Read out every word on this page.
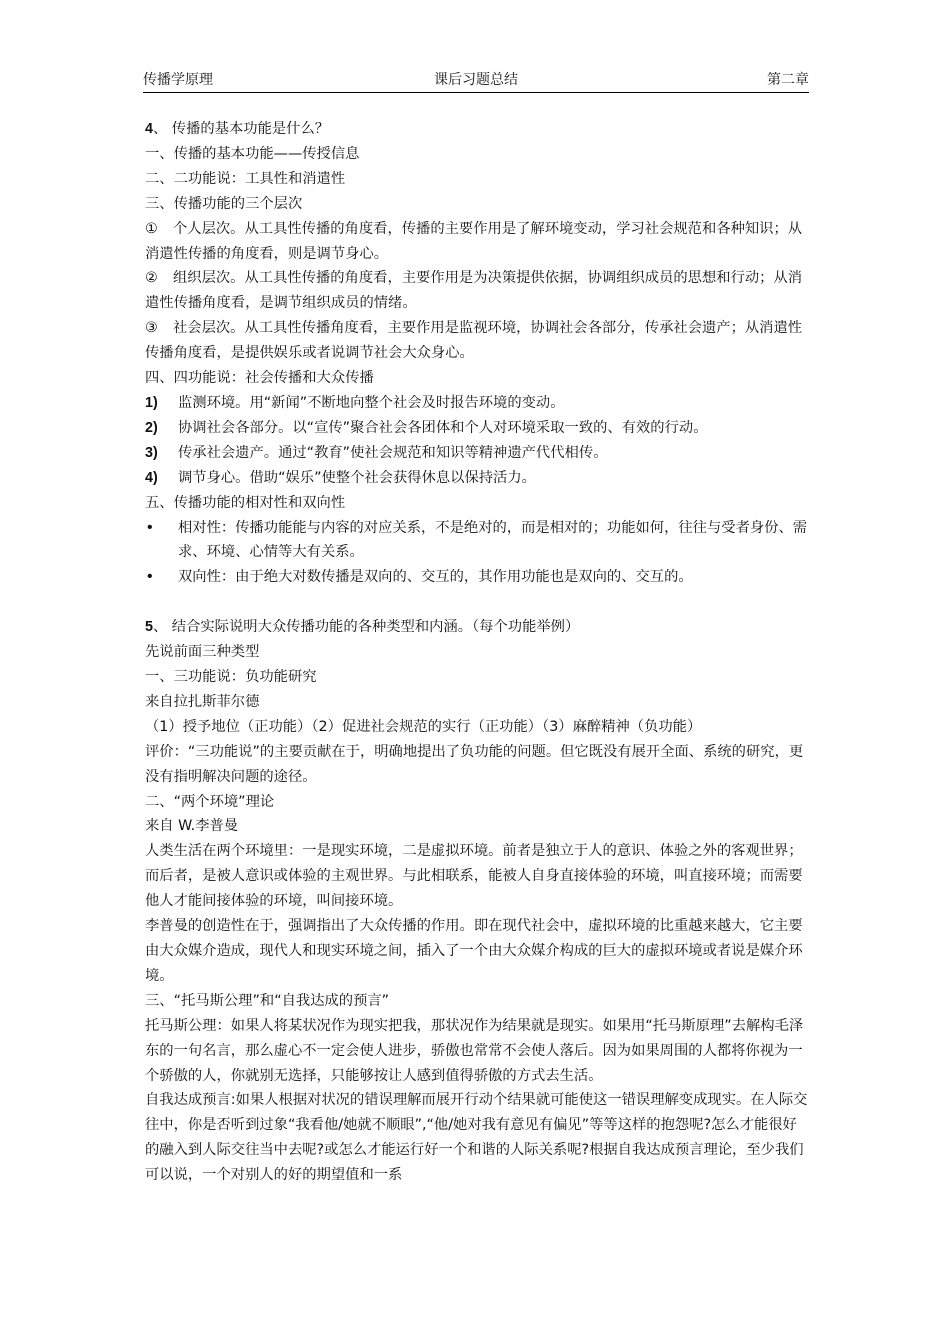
传播学原理	课后习题总结	第二章

4、 传播的基本功能是什么？

一、传播的基本功能——传授信息

二、二功能说：工具性和消遣性

三、传播功能的三个层次

① 个人层次。从工具性传播的角度看，传播的主要作用是了解环境变动，学习社会规范和各种知识；从消遣性传播的角度看，则是调节身心。

② 组织层次。从工具性传播的角度看，主要作用是为决策提供依据，协调组织成员的思想和行动；从消遣性传播角度看，是调节组织成员的情绪。

③ 社会层次。从工具性传播角度看，主要作用是监视环境，协调社会各部分，传承社会遗产；从消遣性传播角度看，是提供娱乐或者说调节社会大众身心。

四、四功能说：社会传播和大众传播

1)	监测环境。用“新闻”不断地向整个社会及时报告环境的变动。
2)	协调社会各部分。以“宣传”聚合社会各团体和个人对环境采取一致的、有效的行动。
3)	传承社会遗产。通过“教育”使社会规范和知识等精神遗产代代相传。
4)	调节身心。借助“娱乐”使整个社会获得休息以保持活力。

五、传播功能的相对性和双向性

•	相对性：传播功能能与内容的对应关系，不是绝对的，而是相对的；功能如何，往往与受者身份、需求、环境、心情等大有关系。
•	双向性：由于绝大对数传播是双向的、交互的，其作用功能也是双向的、交互的。

5、 结合实际说明大众传播功能的各种类型和内涵。（每个功能举例）

先说前面三种类型

一、三功能说：负功能研究

来自拉扎斯菲尔德

（1）授予地位（正功能）（2）促进社会规范的实行（正功能）（3）麻醉精神（负功能）

评价：“三功能说”的主要贡献在于，明确地提出了负功能的问题。但它既没有展开全面、系统的研究，更没有指明解决问题的途径。

二、“两个环境”理论

来自 W.李普曼

人类生活在两个环境里：一是现实环境，二是虚拟环境。前者是独立于人的意识、体验之外的客观世界；而后者，是被人意识或体验的主观世界。与此相联系，能被人自身直接体验的环境，叫直接环境；而需要他人才能间接体验的环境，叫间接环境。

李普曼的创造性在于，强调指出了大众传播的作用。即在现代社会中，虚拟环境的比重越来越大，它主要由大众媒介造成，现代人和现实环境之间，插入了一个由大众媒介构成的巨大的虚拟环境或者说是媒介环境。

三、“托马斯公理”和“自我达成的预言”

托马斯公理：如果人将某状况作为现实把我，那状况作为结果就是现实。如果用“托马斯原理”去解构毛泽东的一句名言，那么虚心不一定会使人进步，骄傲也常常不会使人落后。因为如果周围的人都将你视为一个骄傲的人，你就别无选择，只能够按让人感到值得骄傲的方式去生活。

自我达成预言:如果人根据对状况的错误理解而展开行动个结果就可能使这一错误理解变成现实。在人际交往中，你是否听到过象“我看他/她就不顺眼”,“他/她对我有意见有偏见”等等这样的抱怨呢?怎么才能很好的融入到人际交往当中去呢?或怎么才能运行好一个和谐的人际关系呢?根据自我达成预言理论，至少我们可以说，一个对别人的好的期望值和一系
